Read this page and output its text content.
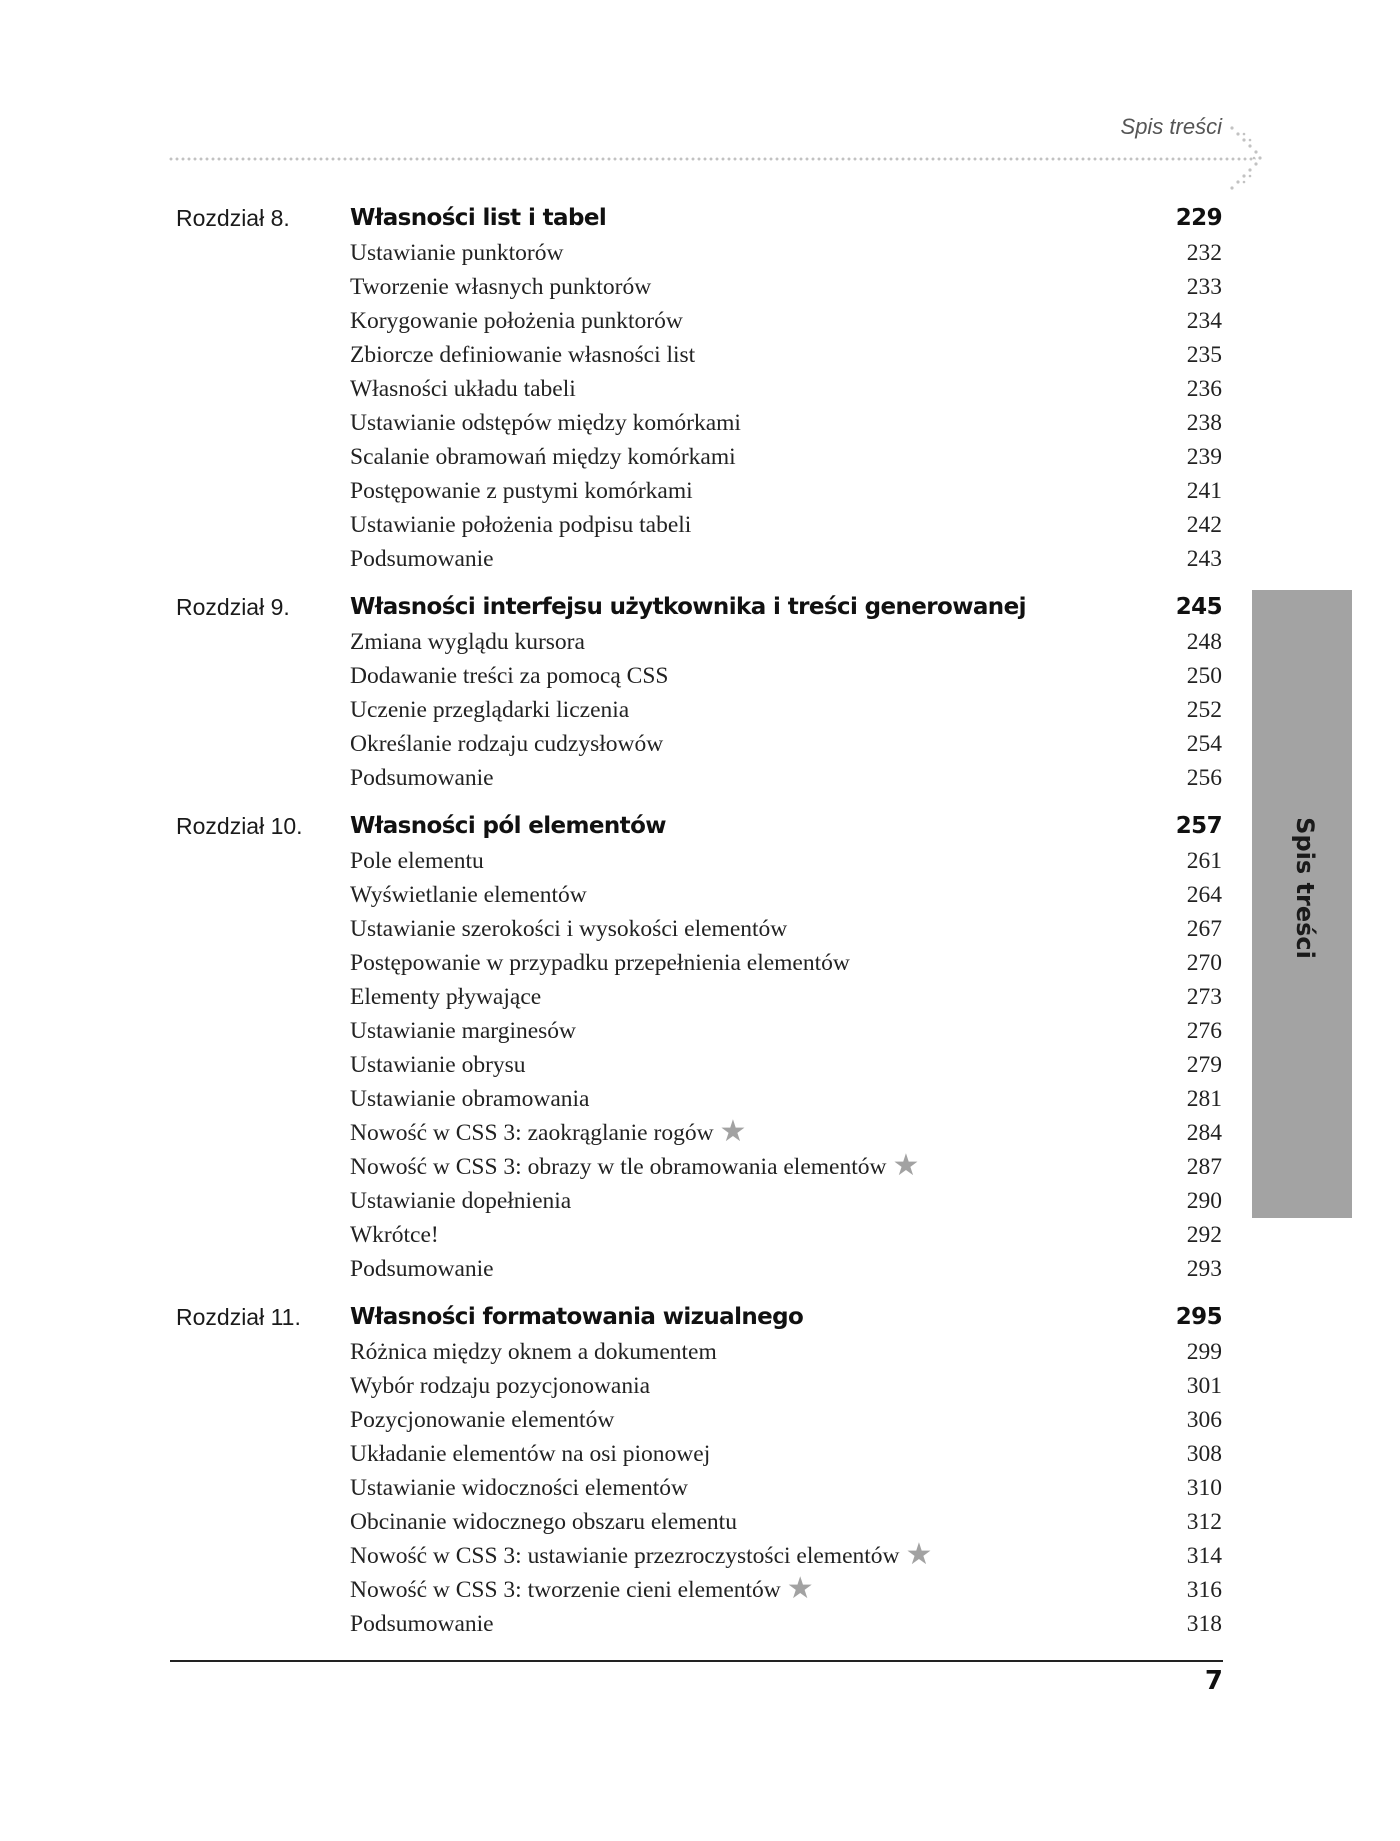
Spis treści
Rozdział 8.	Własności list i tabel	229
Ustawianie punktorów	232
Tworzenie własnych punktorów	233
Korygowanie położenia punktorów	234
Zbiorcze definiowanie własności list	235
Własności układu tabeli	236
Ustawianie odstępów między komórkami	238
Scalanie obramowań między komórkami	239
Postępowanie z pustymi komórkami	241
Ustawianie położenia podpisu tabeli	242
Podsumowanie	243
Rozdział 9.	Własności interfejsu użytkownika i treści generowanej	245
Zmiana wyglądu kursora	248
Dodawanie treści za pomocą CSS	250
Uczenie przeglądarki liczenia	252
Określanie rodzaju cudzysłowów	254
Podsumowanie	256
Rozdział 10.	Własności pól elementów	257
Pole elementu	261
Wyświetlanie elementów	264
Ustawianie szerokości i wysokości elementów	267
Postępowanie w przypadku przepełnienia elementów	270
Elementy pływające	273
Ustawianie marginesów	276
Ustawianie obrysu	279
Ustawianie obramowania	281
Nowość w CSS 3: zaokrąglanie rogów ★	284
Nowość w CSS 3: obrazy w tle obramowania elementów ★	287
Ustawianie dopełnienia	290
Wkrótce!	292
Podsumowanie	293
Rozdział 11.	Własności formatowania wizualnego	295
Różnica między oknem a dokumentem	299
Wybór rodzaju pozycjonowania	301
Pozycjonowanie elementów	306
Układanie elementów na osi pionowej	308
Ustawianie widoczności elementów	310
Obcinanie widocznego obszaru elementu	312
Nowość w CSS 3: ustawianie przezroczystości elementów ★	314
Nowość w CSS 3: tworzenie cieni elementów ★	316
Podsumowanie	318
7
Spis treści
